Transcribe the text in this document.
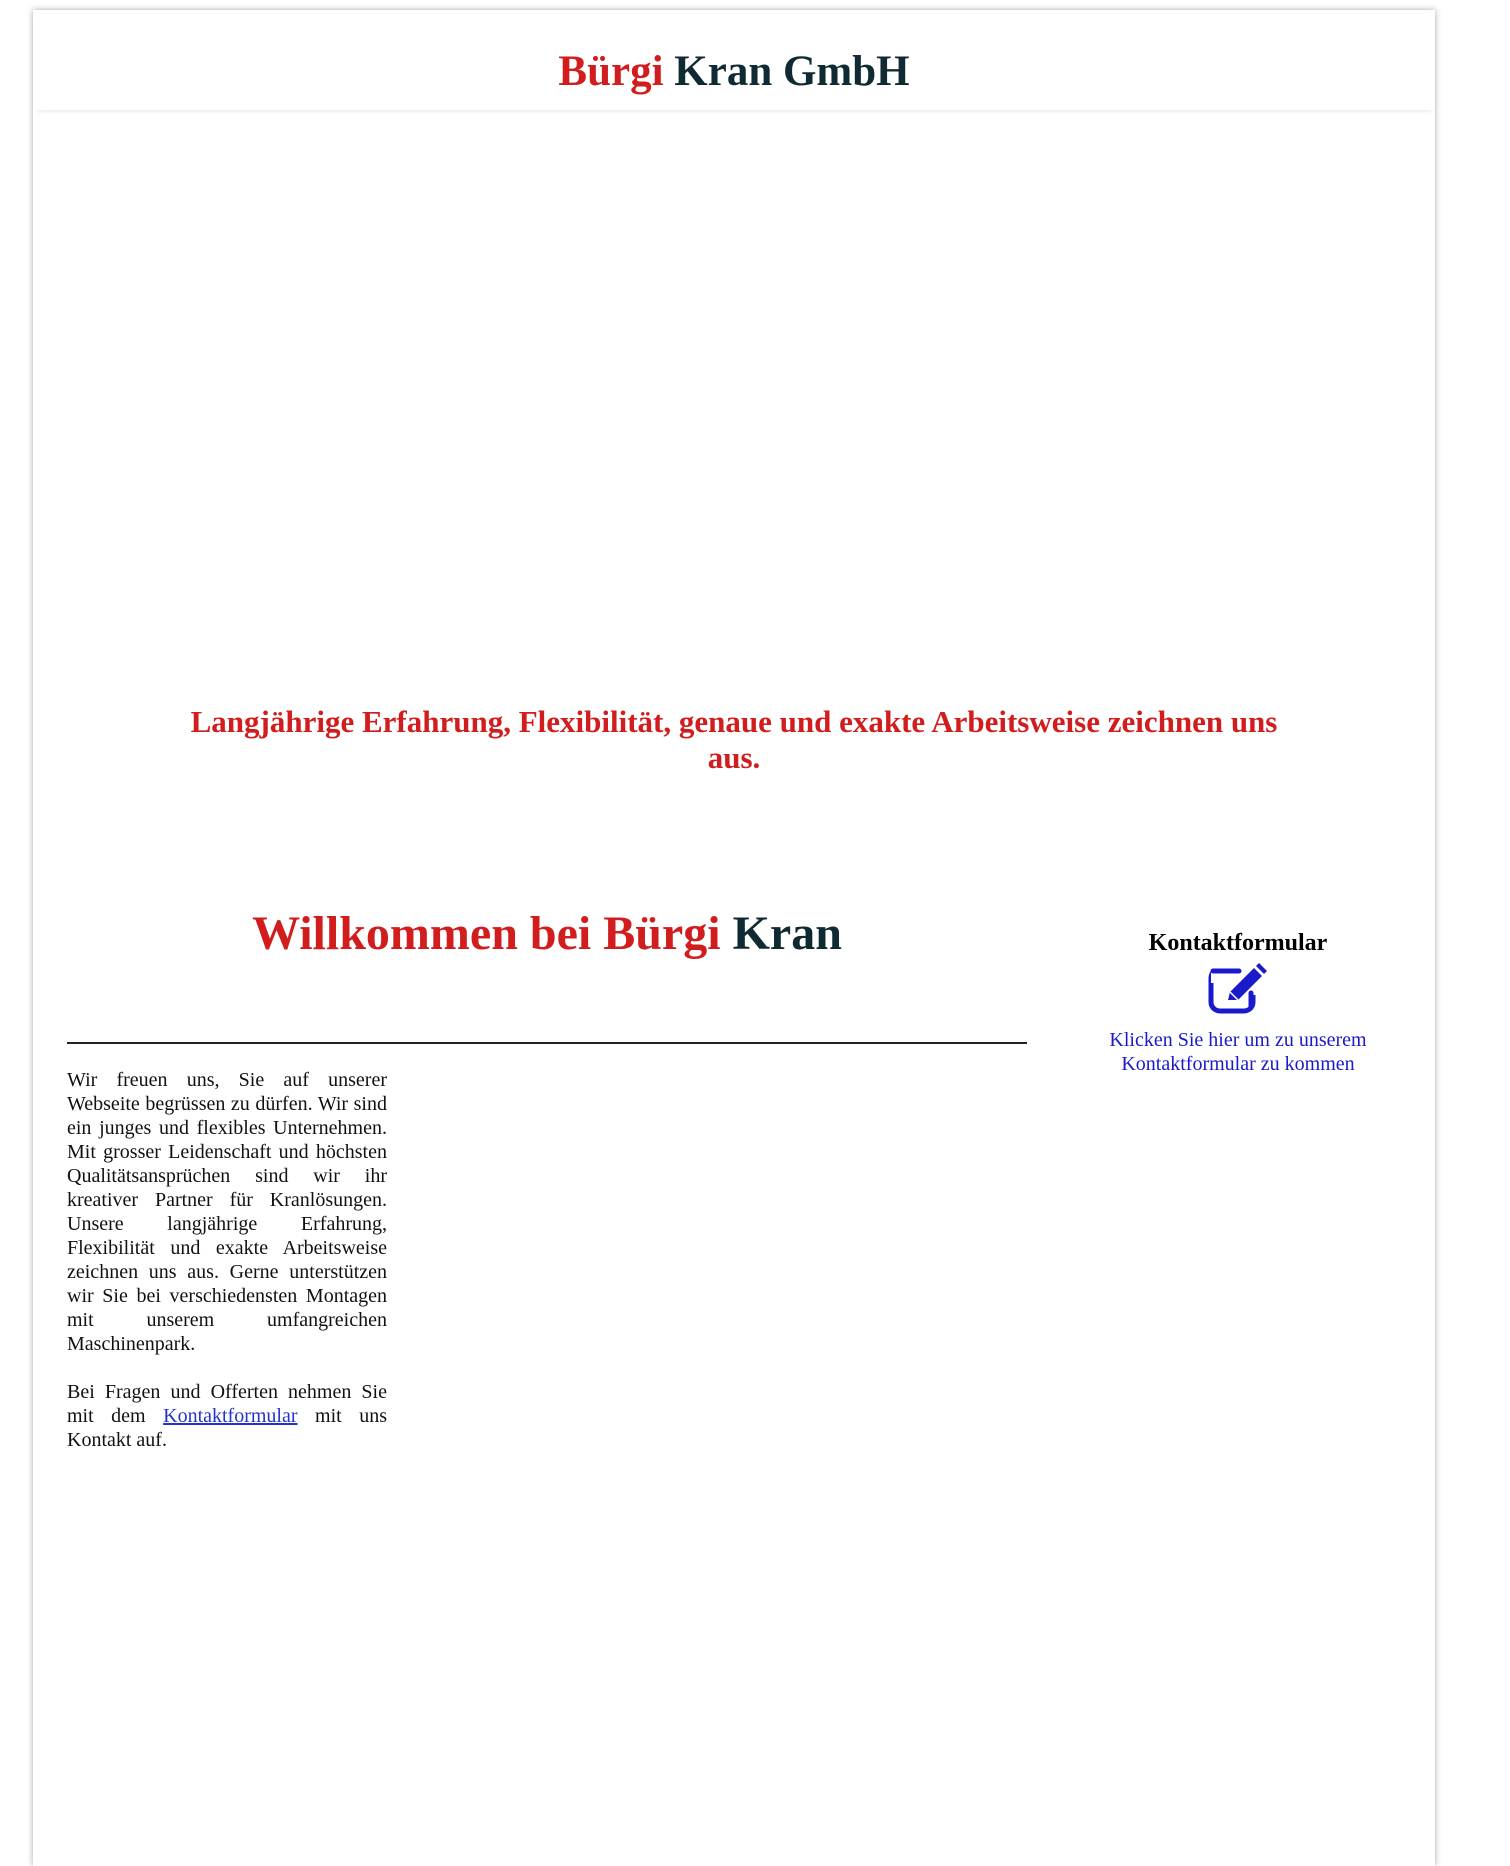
Bürgi Kran GmbH

Langjährige Erfahrung, Flexibilität, genaue und exakte Arbeitsweise zeichnen uns aus.

Willkommen bei Bürgi Kran

Wir freuen uns, Sie auf unserer Webseite begrüssen zu dürfen. Wir sind ein junges und flexibles Unternehmen. Mit grosser Leidenschaft und höchsten Qualitätsansprüchen sind wir ihr kreativer Partner für Kranlösungen. Unsere langjährige Erfahrung, Flexibilität und exakte Arbeitsweise zeichnen uns aus. Gerne unterstützen wir Sie bei verschiedensten Montagen mit unserem umfangreichen Maschinenpark.

Bei Fragen und Offerten nehmen Sie mit dem Kontaktformular mit uns Kontakt auf.

Kontaktformular
Klicken Sie hier um zu unserem Kontaktformular zu kommen
